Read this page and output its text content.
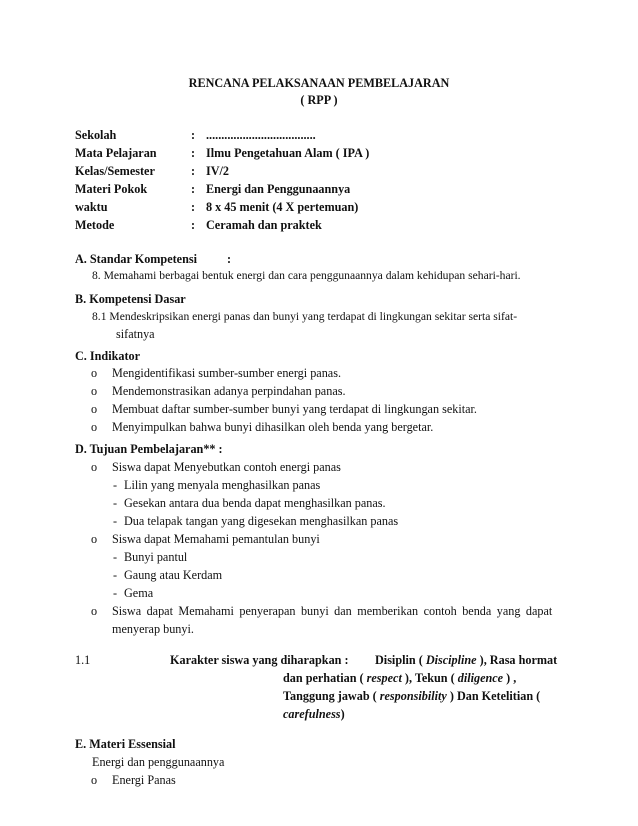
RENCANA PELAKSANAAN PEMBELAJARAN
( RPP )
Sekolah	: ....................................
Mata Pelajaran	: Ilmu Pengetahuan Alam ( IPA )
Kelas/Semester	: IV/2
Materi Pokok	: Energi dan Penggunaannya
waktu	: 8 x 45 menit (4 X pertemuan)
Metode	: Ceramah dan praktek
A. Standar Kompetensi :
8. Memahami berbagai bentuk energi dan cara penggunaannya dalam kehidupan sehari-hari.
B. Kompetensi Dasar
8.1 Mendeskripsikan energi panas dan bunyi yang terdapat di lingkungan sekitar serta sifat-
sifatnya
C. Indikator
o Mengidentifikasi sumber-sumber energi panas.
o Mendemonstrasikan adanya perpindahan panas.
o Membuat daftar sumber-sumber bunyi yang terdapat di lingkungan sekitar.
o Menyimpulkan bahwa bunyi dihasilkan oleh benda yang bergetar.
D. Tujuan Pembelajaran** :
o Siswa dapat Menyebutkan contoh energi panas
- Lilin yang menyala menghasilkan panas
- Gesekan antara dua benda dapat menghasilkan panas.
- Dua telapak tangan yang digesekan menghasilkan panas
o Siswa dapat Memahami pemantulan bunyi
- Bunyi pantul
- Gaung atau Kerdam
- Gema
o Siswa dapat Memahami penyerapan bunyi dan memberikan contoh benda yang dapat
menyerap bunyi.
1.1	Karakter siswa yang diharapkan : Disiplin ( Discipline ), Rasa hormat
dan perhatian ( respect ), Tekun ( diligence ) ,
Tanggung jawab ( responsibility ) Dan Ketelitian (
carefulness)
E. Materi Essensial
Energi dan penggunaannya
o Energi Panas
